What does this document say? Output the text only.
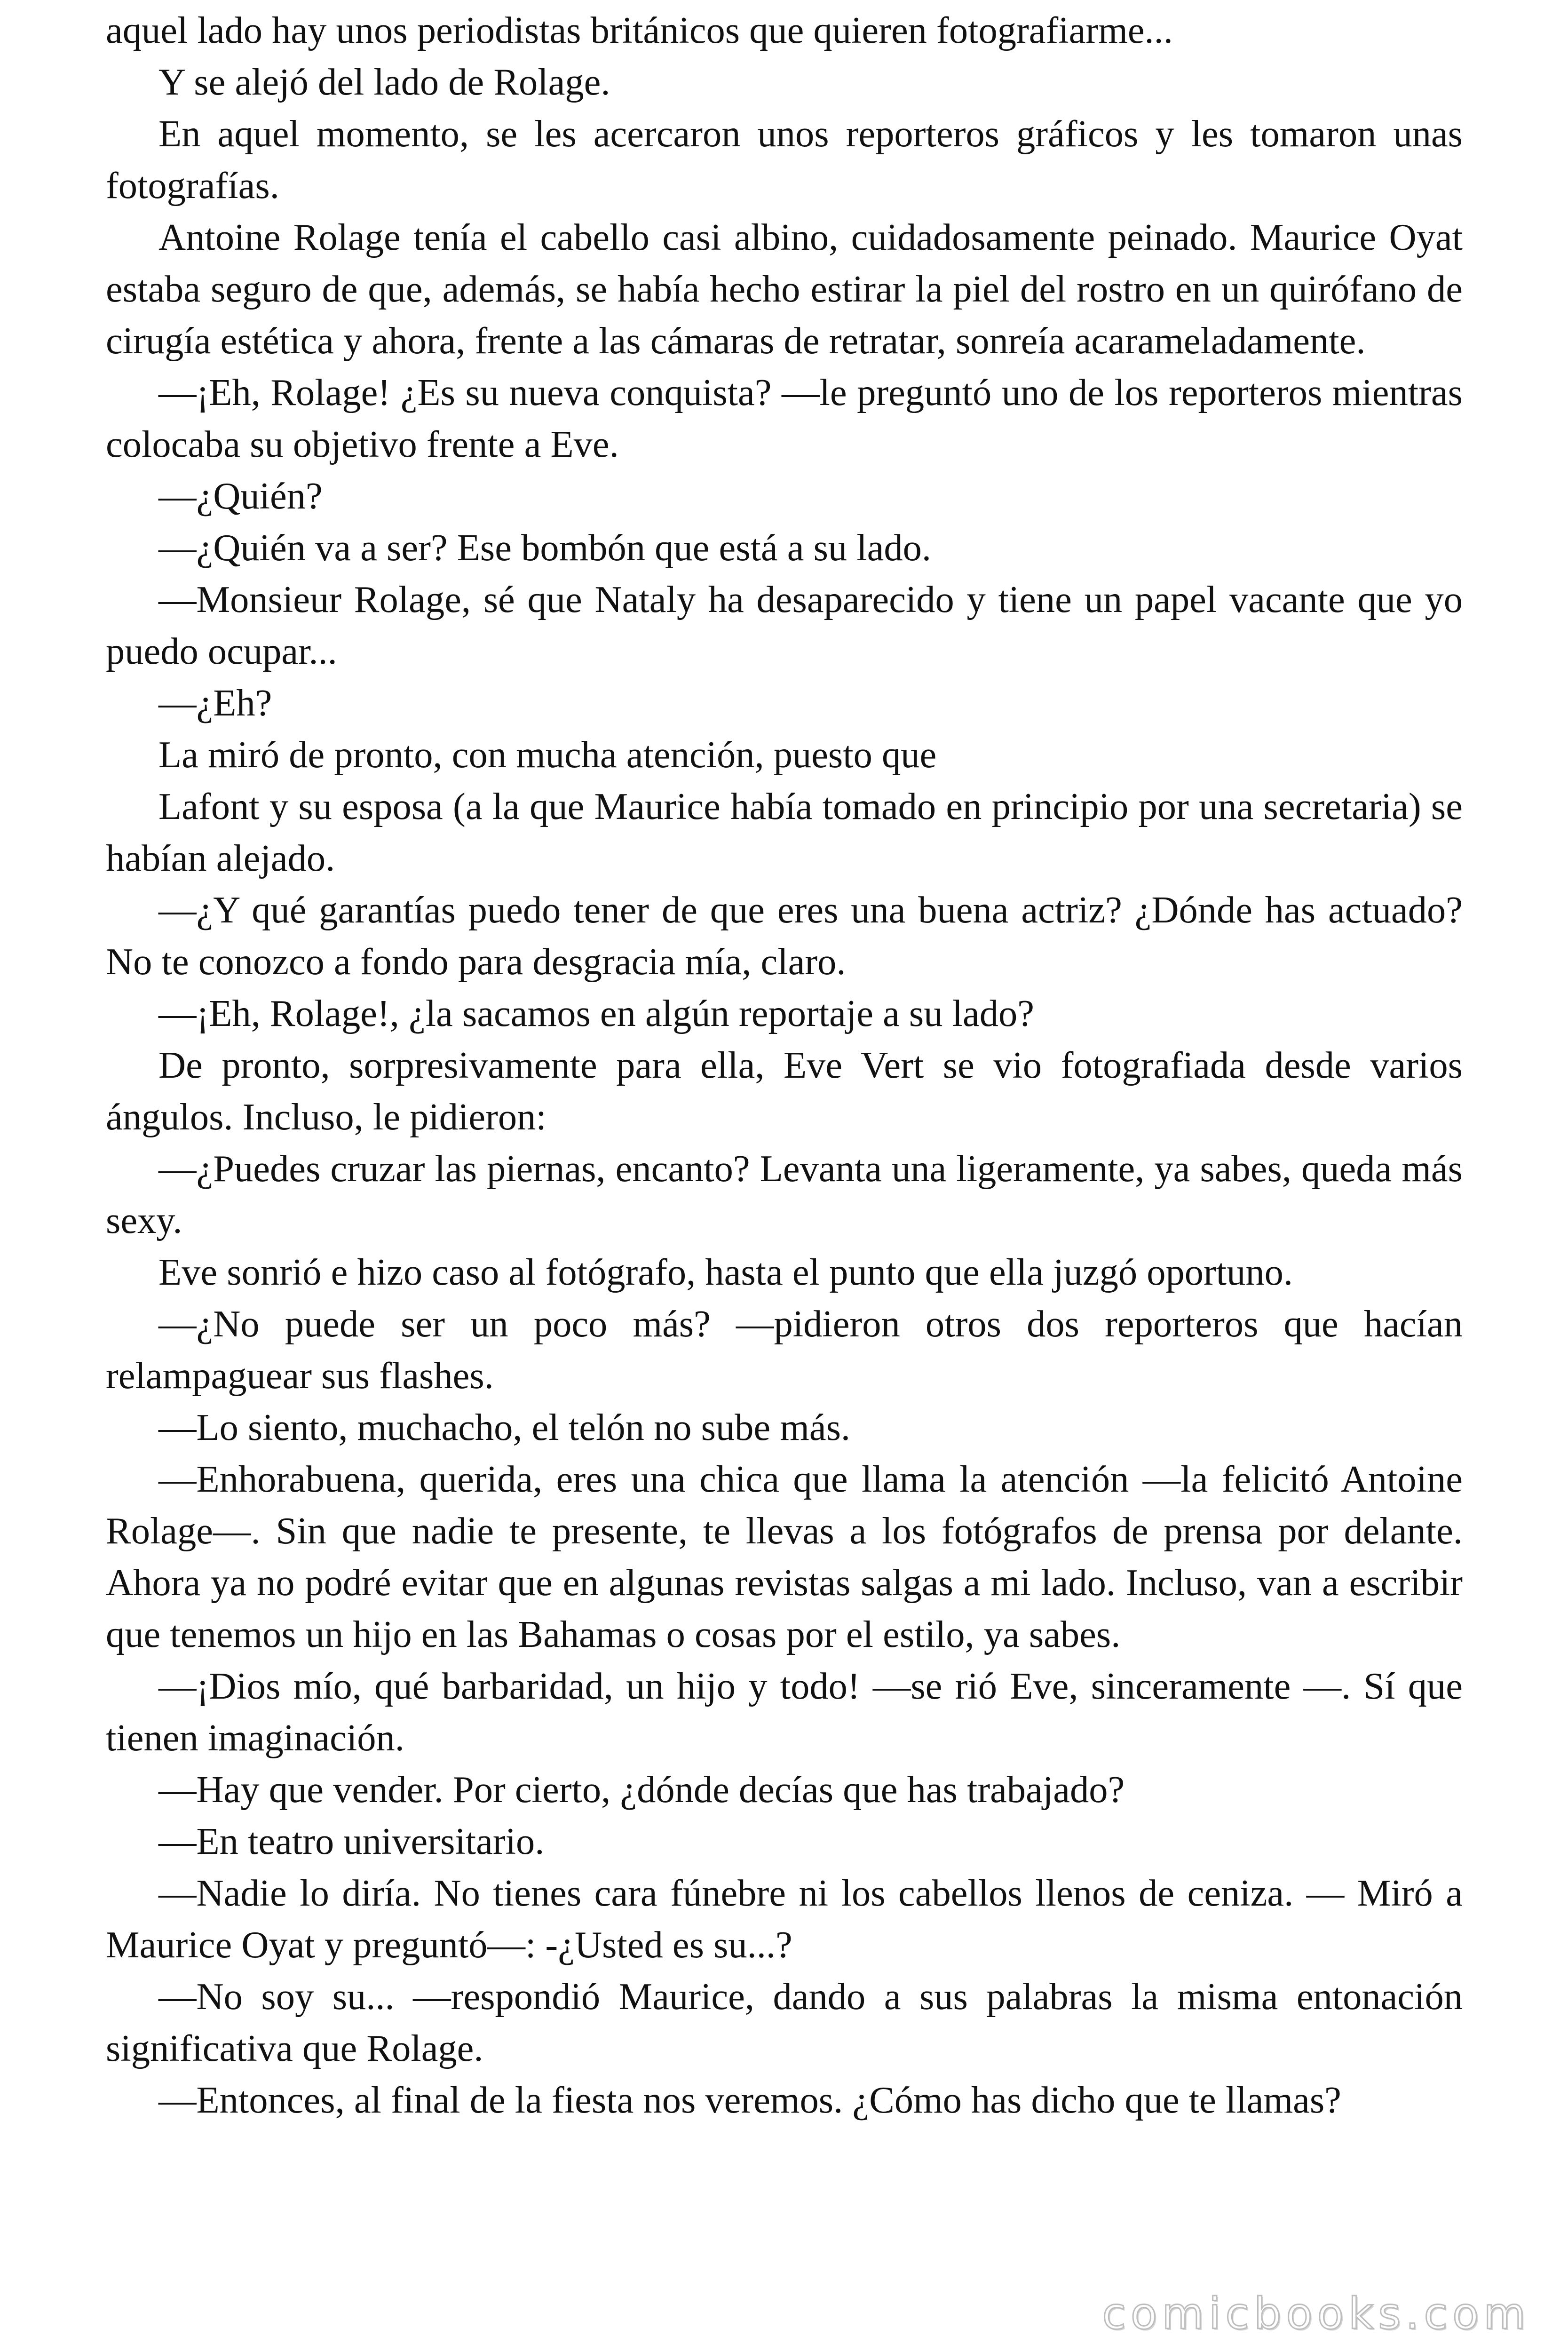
aquel lado hay unos periodistas británicos que quieren fotografiarme...

Y se alejó del lado de Rolage.

En aquel momento, se les acercaron unos reporteros gráficos y les tomaron unas fotografías.

Antoine Rolage tenía el cabello casi albino, cuidadosamente peinado. Maurice Oyat estaba seguro de que, además, se había hecho estirar la piel del rostro en un quirófano de cirugía estética y ahora, frente a las cámaras de retratar, sonreía acarameladamente.

—¡Eh, Rolage! ¿Es su nueva conquista? —le preguntó uno de los reporteros mientras colocaba su objetivo frente a Eve.

—¿Quién?

—¿Quién va a ser? Ese bombón que está a su lado.

—Monsieur Rolage, sé que Nataly ha desaparecido y tiene un papel vacante que yo puedo ocupar...

—¿Eh?

La miró de pronto, con mucha atención, puesto que

Lafont y su esposa (a la que Maurice había tomado en principio por una secretaria) se habían alejado.

—¿Y qué garantías puedo tener de que eres una buena actriz? ¿Dónde has actuado? No te conozco a fondo para desgracia mía, claro.

—¡Eh, Rolage!, ¿la sacamos en algún reportaje a su lado?

De pronto, sorpresivamente para ella, Eve Vert se vio fotografiada desde varios ángulos. Incluso, le pidieron:

—¿Puedes cruzar las piernas, encanto? Levanta una ligeramente, ya sabes, queda más sexy.

Eve sonrió e hizo caso al fotógrafo, hasta el punto que ella juzgó oportuno.

—¿No puede ser un poco más? —pidieron otros dos reporteros que hacían relampaguear sus flashes.

—Lo siento, muchacho, el telón no sube más.

—Enhorabuena, querida, eres una chica que llama la atención —la felicitó Antoine Rolage—. Sin que nadie te presente, te llevas a los fotógrafos de prensa por delante. Ahora ya no podré evitar que en algunas revistas salgas a mi lado. Incluso, van a escribir que tenemos un hijo en las Bahamas o cosas por el estilo, ya sabes.

—¡Dios mío, qué barbaridad, un hijo y todo! —se rió Eve, sinceramente —. Sí que tienen imaginación.

—Hay que vender. Por cierto, ¿dónde decías que has trabajado?

—En teatro universitario.

—Nadie lo diría. No tienes cara fúnebre ni los cabellos llenos de ceniza. — Miró a Maurice Oyat y preguntó—: -¿Usted es su...?

—No soy su... —respondió Maurice, dando a sus palabras la misma entonación significativa que Rolage.

—Entonces, al final de la fiesta nos veremos. ¿Cómo has dicho que te llamas?

comicbooks.com
